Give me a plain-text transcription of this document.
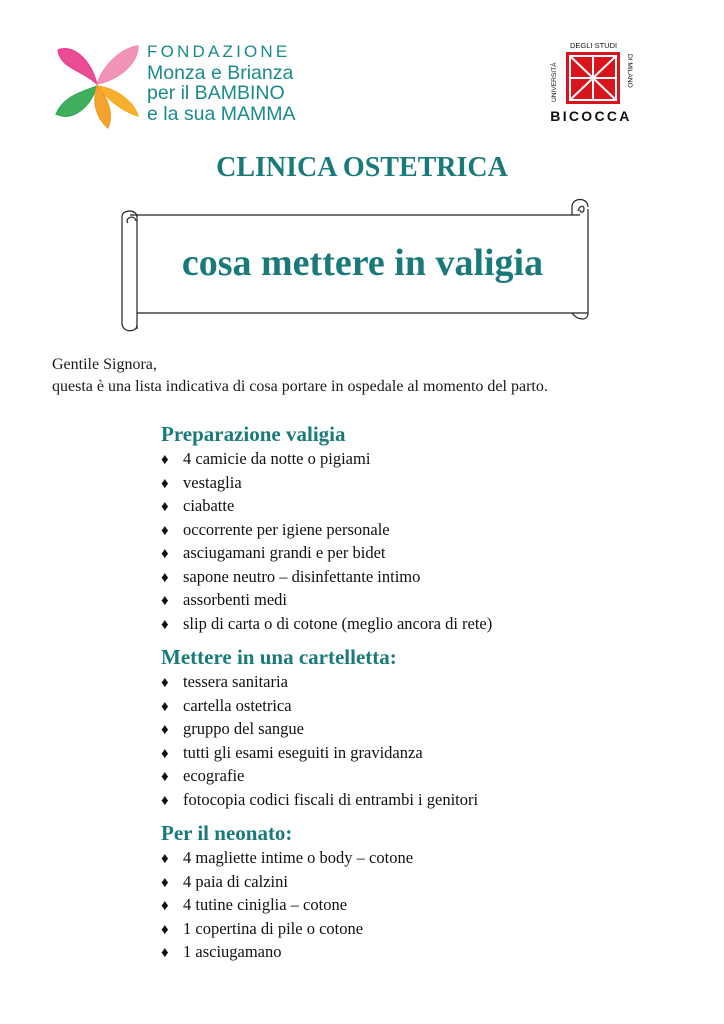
FONDAZIONE
Monza e Brianza
per il BAMBINO
e la sua MAMMA
UNIVERSITÀ
DEGLI STUDI
DI MILANO
BICOCCA
CLINICA OSTETRICA
cosa mettere in valigia
Gentile Signora,
questa è una lista indicativa di cosa portare in ospedale al momento del parto.
Preparazione valigia
♦ 4 camicie da notte o pigiami
♦ vestaglia
♦ ciabatte
♦ occorrente per igiene personale
♦ asciugamani grandi e per bidet
♦ sapone neutro – disinfettante intimo
♦ assorbenti medi
♦ slip di carta o di cotone (meglio ancora di rete)
Mettere in una cartelletta:
♦ tessera sanitaria
♦ cartella ostetrica
♦ gruppo del sangue
♦ tutti gli esami eseguiti in gravidanza
♦ ecografie
♦ fotocopia codici fiscali di entrambi i genitori
Per il neonato:
♦ 4 magliette intime o body – cotone
♦ 4 paia di calzini
♦ 4 tutine ciniglia – cotone
♦ 1 copertina di pile o cotone
♦ 1 asciugamano
